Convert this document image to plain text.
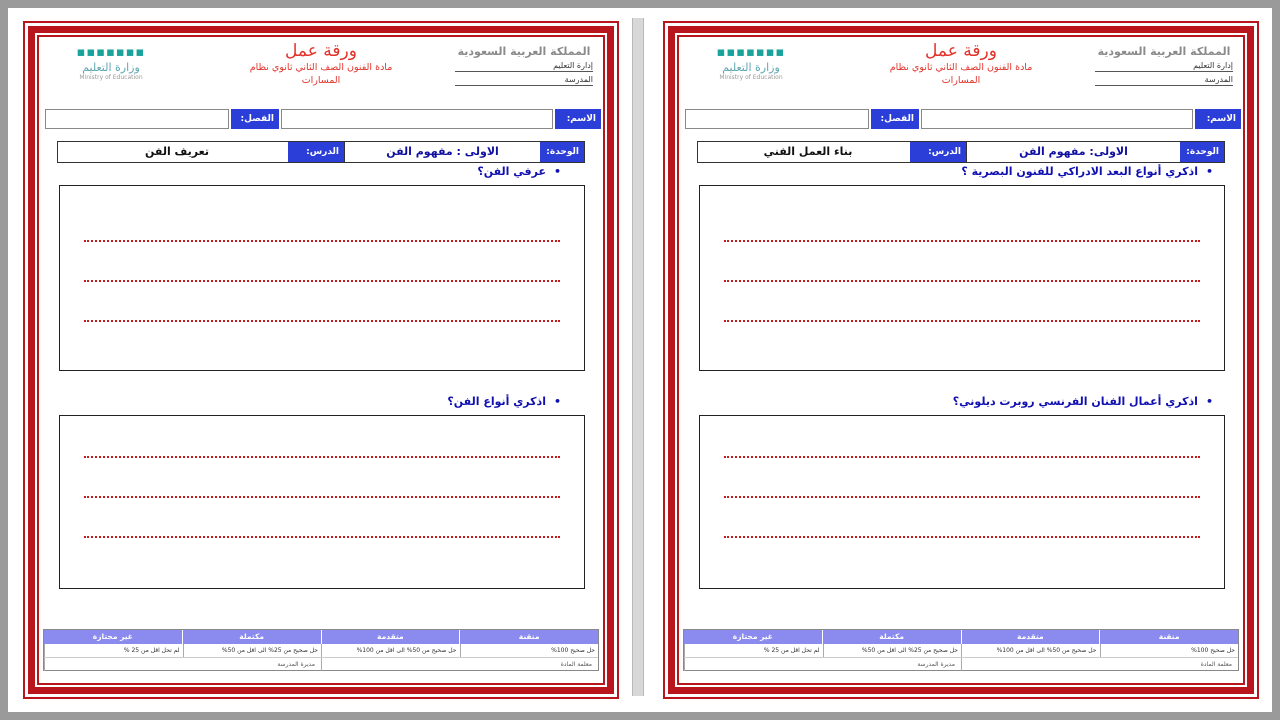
المملكة العربية السعودية
إدارة التعليم
المدرسة
ورقة عمل
مادة الفنون الصف الثاني ثانوي نظام
المسارات
▪▪▪▪▪▪▪
وزارة التعليم
Ministry of Education
الاسم:
الفصل:
الوحدة:
الاولى : مفهوم الفن
الدرس:
تعريف الفن
•عرفي الفن؟
•اذكري أنواع الفن؟
متقنة
متقدمة
مكتملة
غير مجتازة
حل صحيح 100%
حل صحيح من 50% الى اقل من 100%
حل صحيح من 25% الى اقل من 50%
لم تحل اقل من 25 %
معلمة المادة
مديرة المدرسة
المملكة العربية السعودية
إدارة التعليم
المدرسة
ورقة عمل
مادة الفنون الصف الثاني ثانوي نظام
المسارات
▪▪▪▪▪▪▪
وزارة التعليم
Ministry of Education
الاسم:
الفصل:
الوحدة:
الاولى: مفهوم الفن
الدرس:
بناء العمل الفني
•اذكري أنواع البعد الادراكي للفنون البصرية ؟
•اذكري أعمال الفنان الفرنسي روبرت ديلوني؟
متقنة
متقدمة
مكتملة
غير مجتازة
حل صحيح 100%
حل صحيح من 50% الى اقل من 100%
حل صحيح من 25% الى اقل من 50%
لم تحل اقل من 25 %
معلمة المادة
مديرة المدرسة
